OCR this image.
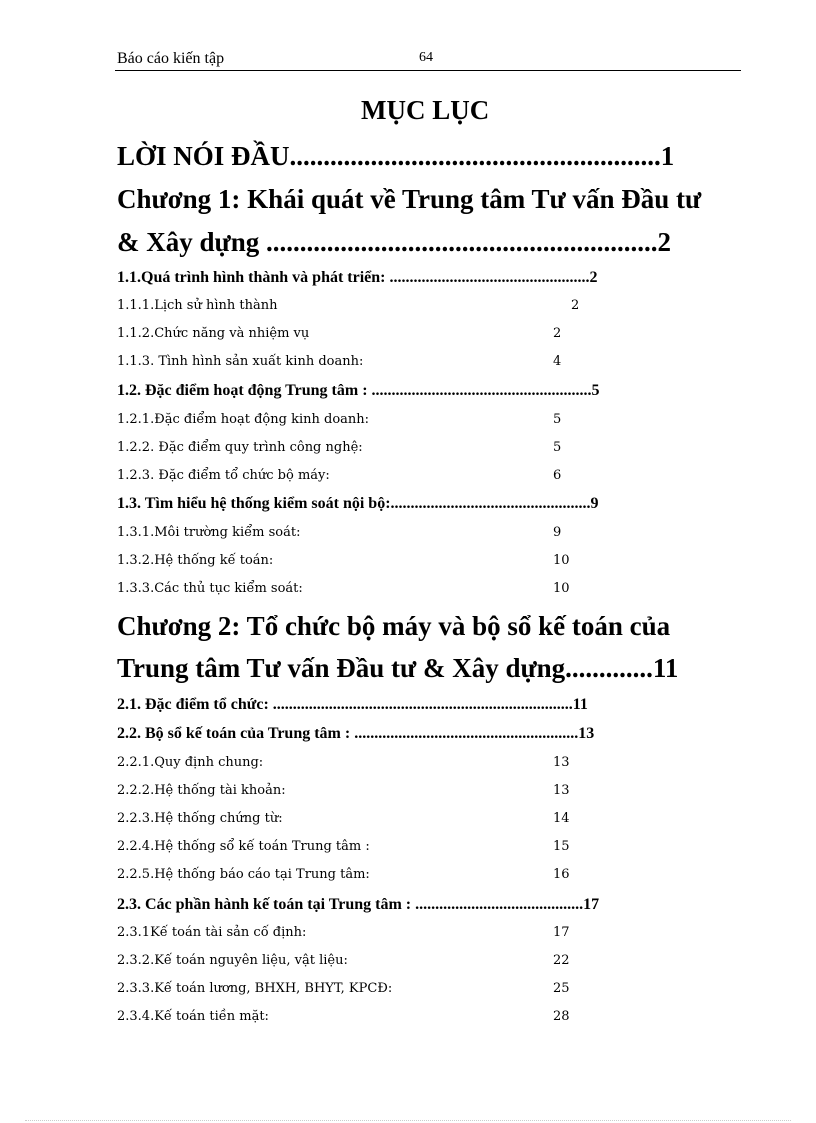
Báo cáo kiến tập	64
MỤC LỤC
LỜI NÓI ĐẦU.......................................................1
Chương 1: Khái quát về Trung tâm Tư vấn Đầu tư
& Xây dựng ..........................................................2
1.1.Quá trình hình thành và phát triển: ..................................................2
1.1.1.Lịch sử hình thành	2
1.1.2.Chức năng và nhiệm vụ	2
1.1.3. Tình hình sản xuất kinh doanh:	4
1.2. Đặc điểm hoạt động Trung tâm : .......................................................5
1.2.1.Đặc điểm hoạt động kinh doanh:	5
1.2.2. Đặc điểm quy trình công nghệ:	5
1.2.3. Đặc điểm tổ chức bộ máy:	6
1.3. Tìm hiểu hệ thống kiểm soát nội bộ:..................................................9
1.3.1.Môi trường kiểm soát:	9
1.3.2.Hệ thống kế toán:	10
1.3.3.Các thủ tục kiểm soát:	10
Chương 2: Tổ chức bộ máy và bộ sổ kế toán của
Trung tâm Tư vấn Đầu tư & Xây dựng.............11
2.1. Đặc điểm tổ chức: ...........................................................................11
2.2. Bộ sổ kế toán của Trung tâm : ........................................................13
2.2.1.Quy định chung:	13
2.2.2.Hệ thống tài khoản:	13
2.2.3.Hệ thống chứng từ:	14
2.2.4.Hệ thống sổ kế toán Trung tâm :	15
2.2.5.Hệ thống báo cáo tại Trung tâm:	16
2.3. Các phần hành kế toán tại Trung tâm : ..........................................17
2.3.1Kế toán tài sản cố định:	17
2.3.2.Kế toán nguyên liệu, vật liệu:	22
2.3.3.Kế toán lương, BHXH, BHYT, KPCĐ:	25
2.3.4.Kế toán tiền mặt:	28
